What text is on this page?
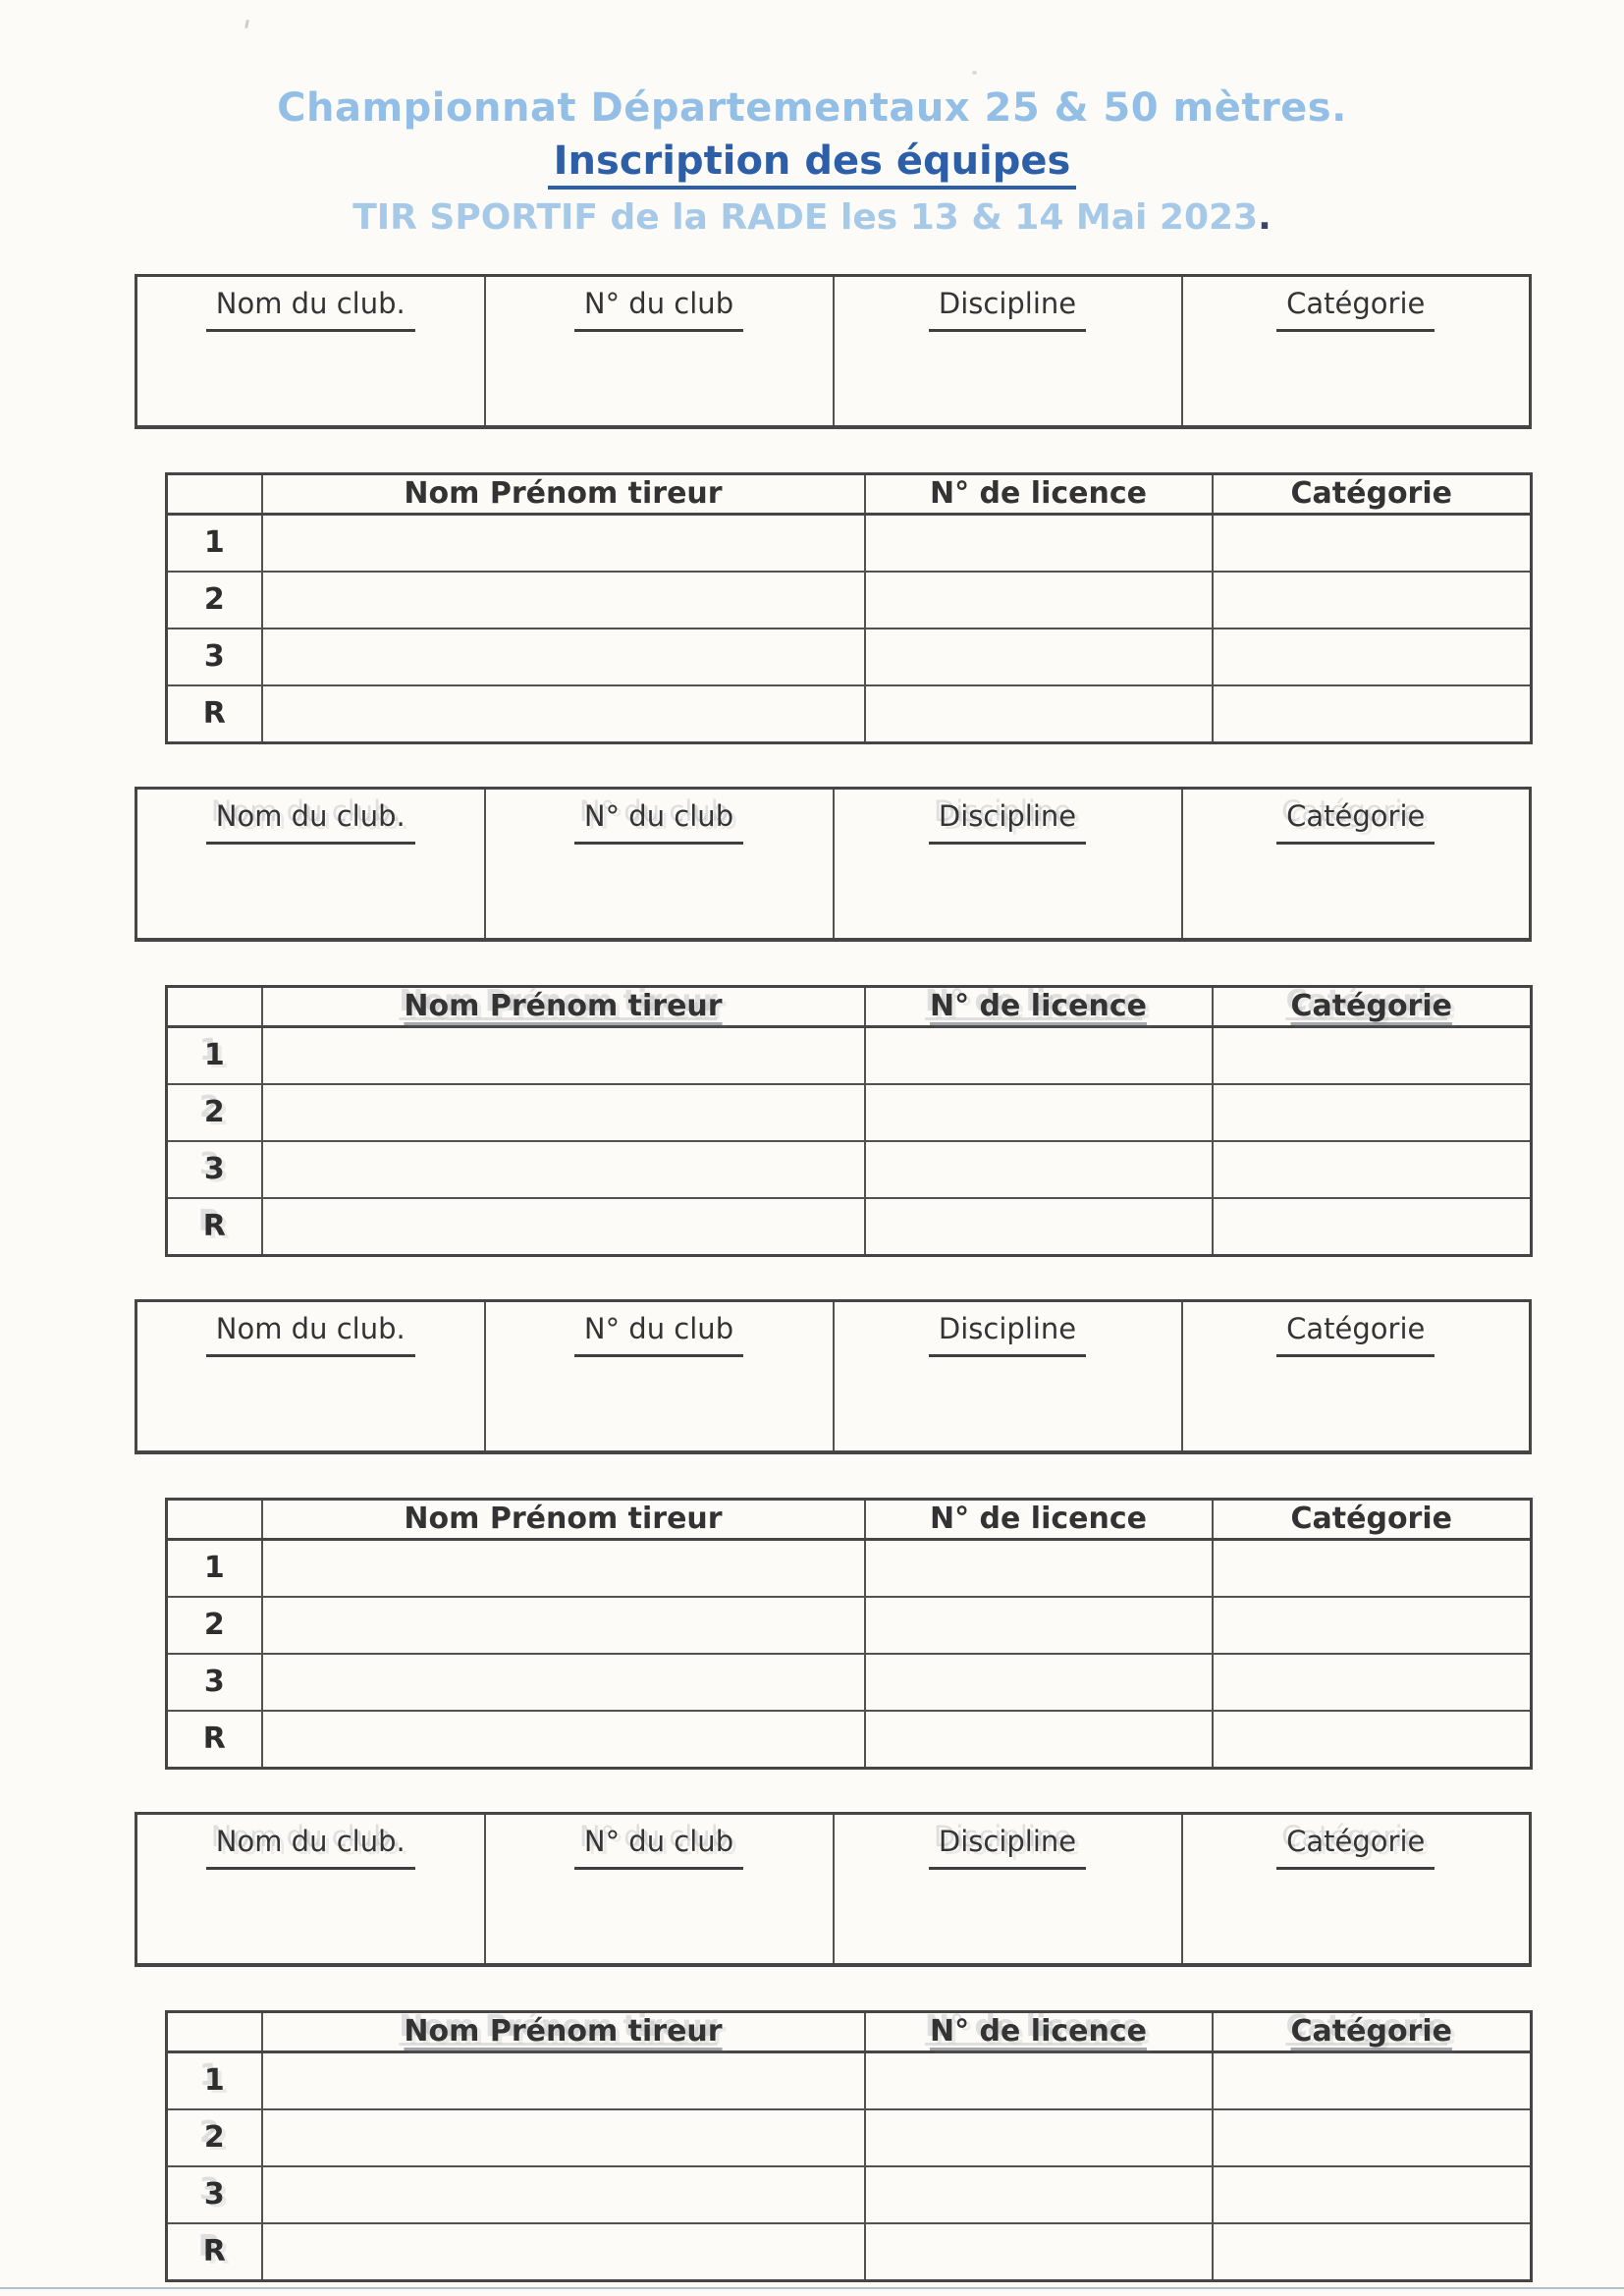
Championnat Départementaux 25 & 50 mètres.
Inscription des équipes
TIR SPORTIF de la RADE les 13 & 14 Mai 2023.
Nom du club.	N° du club	Discipline	Catégorie
	Nom Prénom tireur	N° de licence	Catégorie
1			
2			
3			
R			
Nom du club.	N° du club	Discipline	Catégorie
	Nom Prénom tireur	N° de licence	Catégorie
1			
2			
3			
R			
Nom du club.	N° du club	Discipline	Catégorie
	Nom Prénom tireur	N° de licence	Catégorie
1			
2			
3			
R			
Nom du club.	N° du club	Discipline	Catégorie
	Nom Prénom tireur	N° de licence	Catégorie
1			
2			
3			
R			
